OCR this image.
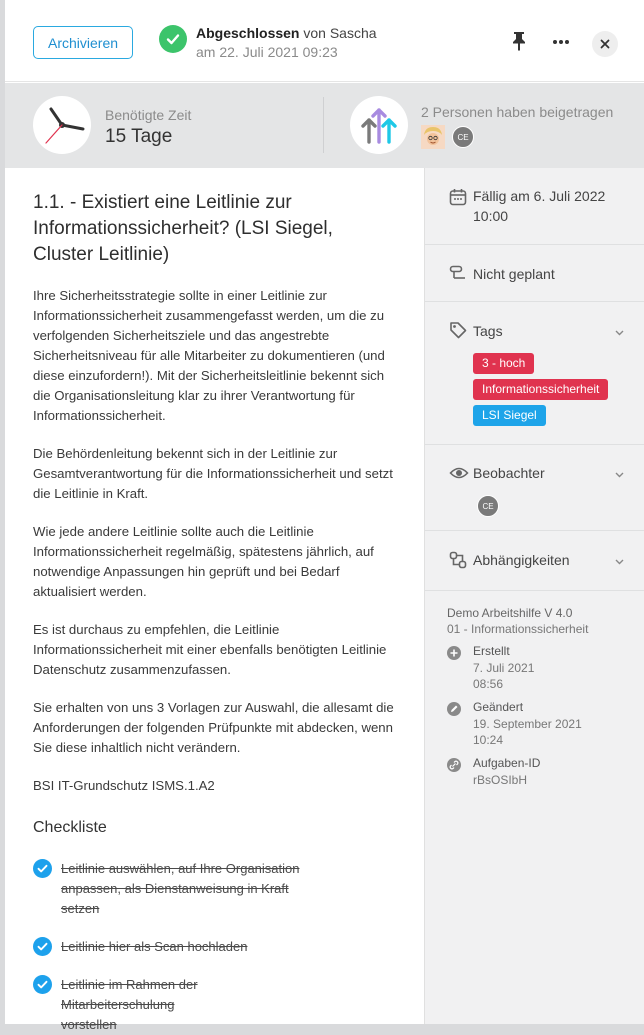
Archivieren
Abgeschlossen von Sascha
am 22. Juli 2021 09:23
Benötigte Zeit
15 Tage
2 Personen haben beigetragen
CE
1.1. - Existiert eine Leitlinie zur Informationssicherheit? (LSI Siegel, Cluster Leitlinie)
Ihre Sicherheitsstrategie sollte in einer Leitlinie zur Informationssicherheit zusammengefasst werden, um die zu verfolgenden Sicherheitsziele und das angestrebte Sicherheitsniveau für alle Mitarbeiter zu dokumentieren (und diese einzufordern!). Mit der Sicherheitsleitlinie bekennt sich die Organisationsleitung klar zu ihrer Verantwortung für Informationssicherheit.
Die Behördenleitung bekennt sich in der Leitlinie zur Gesamtverantwortung für die Informationssicherheit und setzt die Leitlinie in Kraft.
Wie jede andere Leitlinie sollte auch die Leitlinie Informationssicherheit regelmäßig, spätestens jährlich, auf notwendige Anpassungen hin geprüft und bei Bedarf aktualisiert werden.
Es ist durchaus zu empfehlen, die Leitlinie Informationssicherheit mit einer ebenfalls benötigten Leitlinie Datenschutz zusammenzufassen.
Sie erhalten von uns 3 Vorlagen zur Auswahl, die allesamt die Anforderungen der folgenden Prüfpunkte mit abdecken, wenn Sie diese inhaltlich nicht verändern.
BSI IT-Grundschutz ISMS.1.A2
Checkliste
Leitlinie auswählen, auf Ihre Organisation anpassen, als Dienstanweisung in Kraft setzen
Leitlinie hier als Scan hochladen
Leitlinie im Rahmen der Mitarbeiterschulung vorstellen
Fällig am 6. Juli 2022 10:00
Nicht geplant
Tags
3 - hoch
Informationssicherheit
LSI Siegel
Beobachter
CE
Abhängigkeiten
Demo Arbeitshilfe V 4.0
01 - Informationssicherheit
Erstellt
7. Juli 2021
08:56
Geändert
19. September 2021
10:24
Aufgaben-ID
rBsOSIbH
